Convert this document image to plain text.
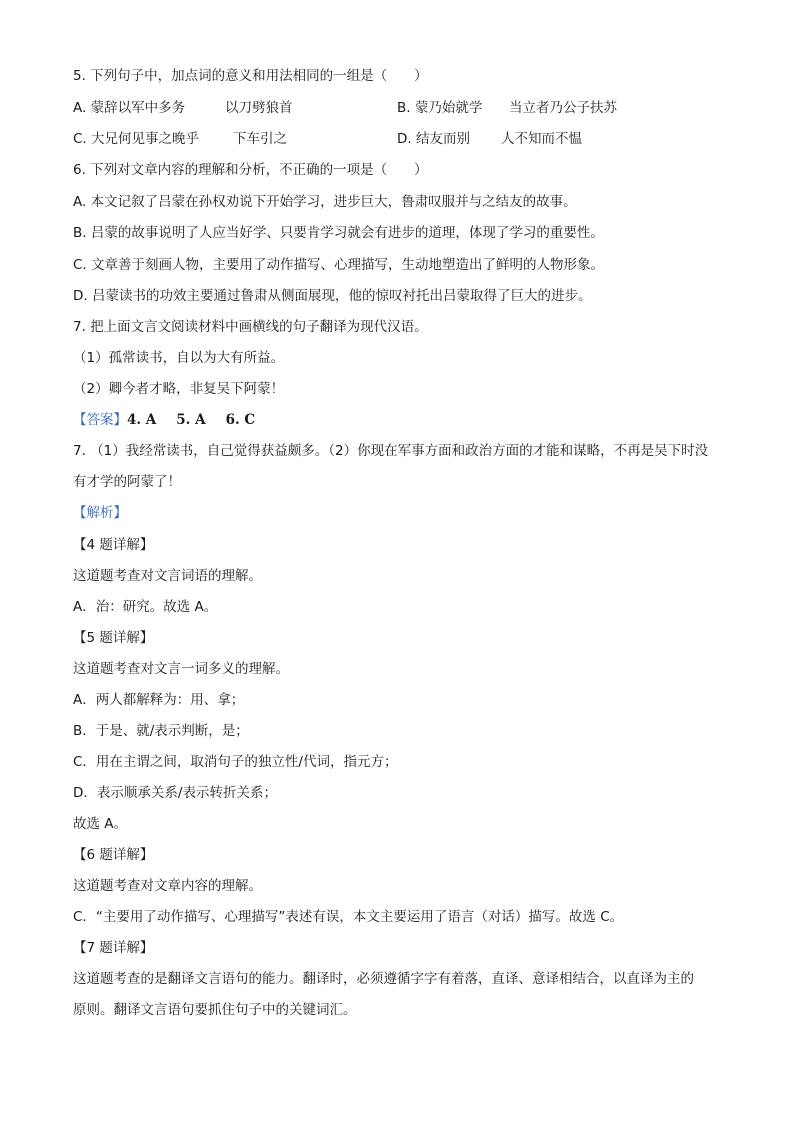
5. 下列句子中，加点词的意义和用法相同的一组是（　　）
A. 蒙辞以军中多务	以刀劈狼首	B. 蒙乃始就学 当立者乃公子扶苏
C. 大兄何见事之晚乎	下车引之	D. 结友而别 人不知而不愠
6. 下列对文章内容的理解和分析，不正确的一项是（　　）
A. 本文记叙了吕蒙在孙权劝说下开始学习，进步巨大，鲁肃叹服并与之结友的故事。
B. 吕蒙的故事说明了人应当好学、只要肯学习就会有进步的道理，体现了学习的重要性。
C. 文章善于刻画人物，主要用了动作描写、心理描写，生动地塑造出了鲜明的人物形象。
D. 吕蒙读书的功效主要通过鲁肃从侧面展现，他的惊叹衬托出吕蒙取得了巨大的进步。
7. 把上面文言文阅读材料中画横线的句子翻译为现代汉语。
（1）孤常读书，自以为大有所益。
（2）卿今者才略，非复吴下阿蒙！
【答案】4. A 5. A 6. C
7. （1）我经常读书，自己觉得获益颇多。（2）你现在军事方面和政治方面的才能和谋略，不再是吴下时没
有才学的阿蒙了！
【解析】
【4 题详解】
这道题考查对文言词语的理解。
A．治：研究。故选 A。
【5 题详解】
这道题考查对文言一词多义的理解。
A．两人都解释为：用、拿；
B．于是、就/表示判断，是；
C．用在主谓之间，取消句子的独立性/代词，指元方；
D．表示顺承关系/表示转折关系；
故选 A。
【6 题详解】
这道题考查对文章内容的理解。
C．“主要用了动作描写、心理描写”表述有误，本文主要运用了语言（对话）描写。故选 C。
【7 题详解】
这道题考查的是翻译文言语句的能力。翻译时，必须遵循字字有着落，直译、意译相结合，以直译为主的
原则。翻译文言语句要抓住句子中的关键词汇。
